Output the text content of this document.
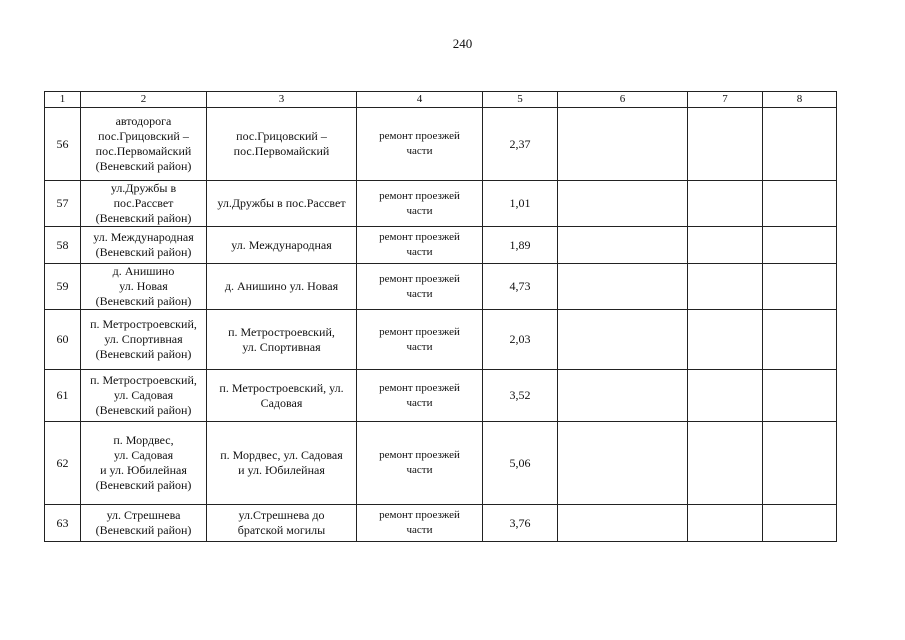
240
1	2	3	4	5	6	7	8
56	автодорога
пос.Грицовский –
пос.Первомайский
(Веневский район)	пос.Грицовский –
пос.Первомайский	ремонт проезжей
части	2,37			
57	ул.Дружбы в
пос.Рассвет
(Веневский район)	ул.Дружбы в пос.Рассвет	ремонт проезжей
части	1,01			
58	ул. Международная
(Веневский район)	ул. Международная	ремонт проезжей
части	1,89			
59	д. Анишино
ул. Новая
(Веневский район)	д. Анишино ул. Новая	ремонт проезжей
части	4,73			
60	п. Метростроевский,
ул. Спортивная
(Веневский район)	п. Метростроевский,
ул. Спортивная	ремонт проезжей
части	2,03			
61	п. Метростроевский,
ул. Садовая
(Веневский район)	п. Метростроевский, ул.
Садовая	ремонт проезжей
части	3,52			
62	п. Мордвес,
ул. Садовая
и ул. Юбилейная
(Веневский район)	п. Мордвес, ул. Садовая
и ул. Юбилейная	ремонт проезжей
части	5,06			
63	ул. Стрешнева
(Веневский район)	ул.Стрешнева до
братской могилы	ремонт проезжей
части	3,76			
